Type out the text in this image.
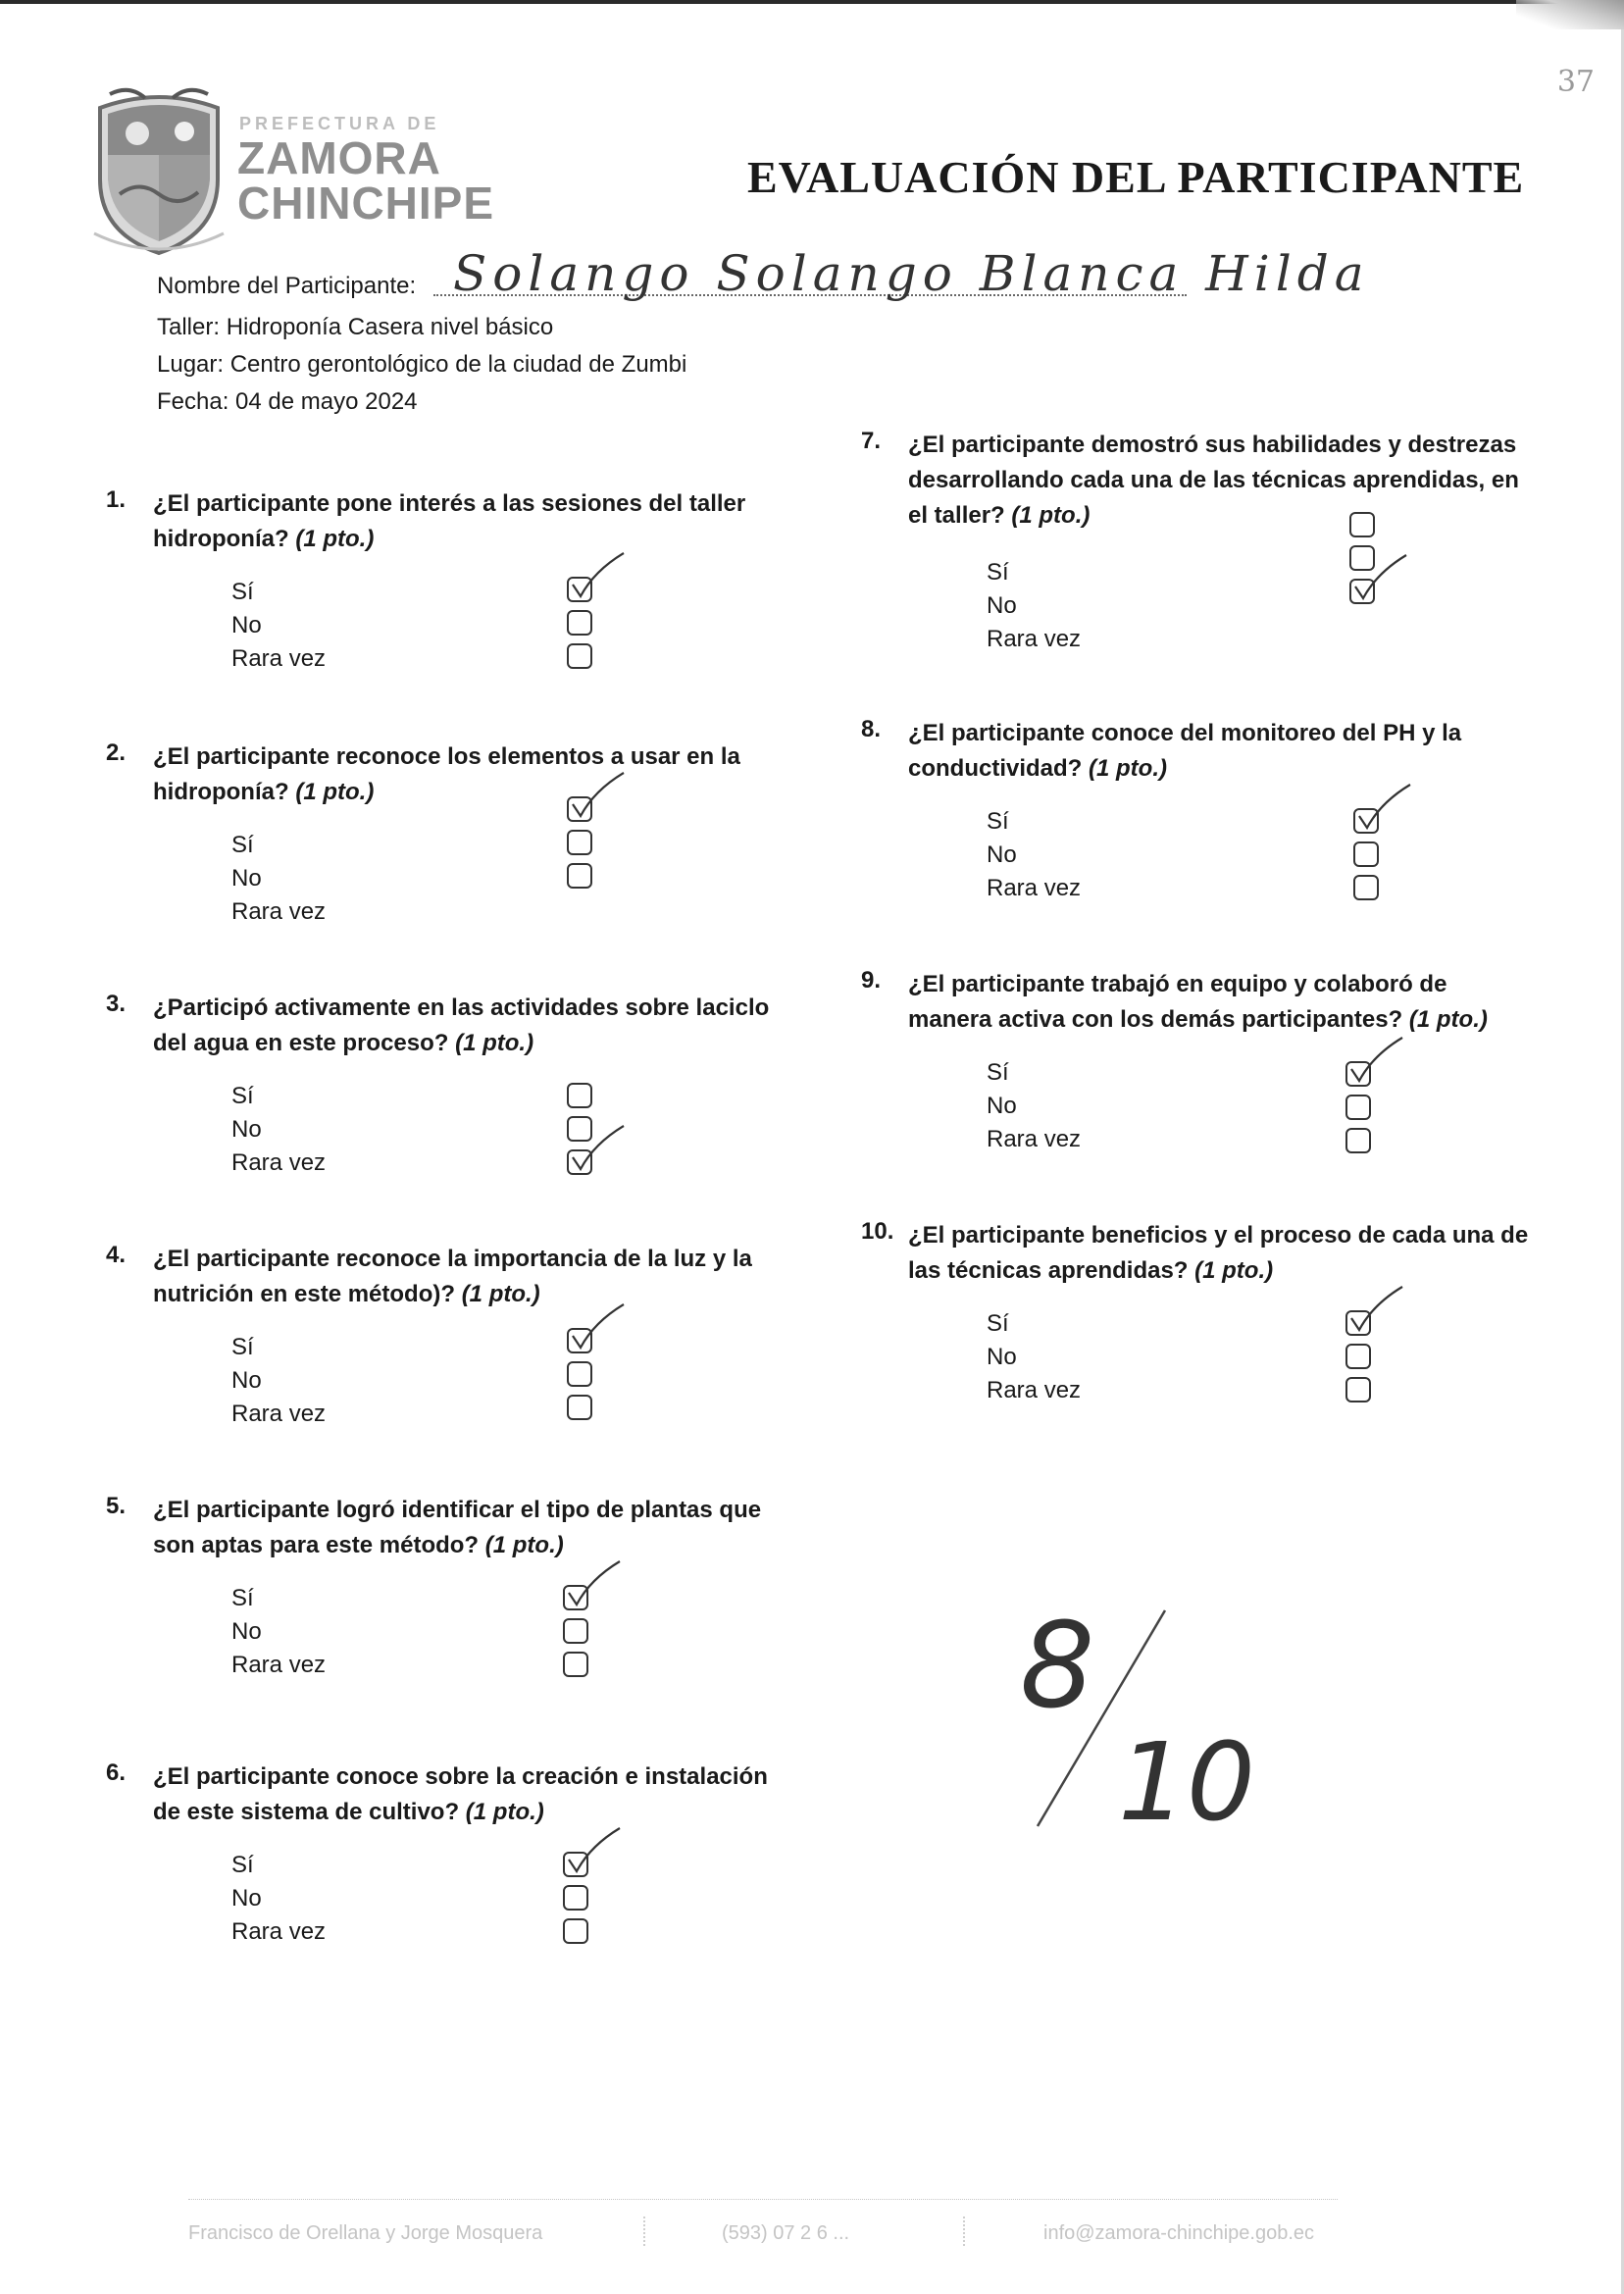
37
PREFECTURA DE
ZAMORA
CHINCHIPE
EVALUACIÓN DEL PARTICIPANTE
Nombre del Participante: Solango Solango Blanca Hilda
Taller: Hidroponía Casera nivel básico
Lugar: Centro gerontológico de la ciudad de Zumbi
Fecha: 04 de mayo 2024
1. ¿El participante pone interés a las sesiones del taller hidroponía? (1 pto.)
Sí
No
Rara vez
2. ¿El participante reconoce los elementos a usar en la hidroponía? (1 pto.)
Sí
No
Rara vez
3. ¿Participó activamente en las actividades sobre laciclo del agua en este proceso? (1 pto.)
Sí
No
Rara vez
4. ¿El participante reconoce la importancia de la luz y la nutrición en este método)? (1 pto.)
Sí
No
Rara vez
5. ¿El participante logró identificar el tipo de plantas que son aptas para este método? (1 pto.)
Sí
No
Rara vez
6. ¿El participante conoce sobre la creación e instalación de este sistema de cultivo? (1 pto.)
Sí
No
Rara vez
7. ¿El participante demostró sus habilidades y destrezas desarrollando cada una de las técnicas aprendidas, en el taller? (1 pto.)
Sí
No
Rara vez
8. ¿El participante conoce del monitoreo del PH y la conductividad? (1 pto.)
Sí
No
Rara vez
9. ¿El participante trabajó en equipo y colaboró de manera activa con los demás participantes? (1 pto.)
Sí
No
Rara vez
10. ¿El participante beneficios y el proceso de cada una de las técnicas aprendidas? (1 pto.)
Sí
No
Rara vez
8
10
Francisco de Orellana y Jorge Mosquera	(593) 07 2 6 ...	info@zamora-chinchipe.gob.ec
